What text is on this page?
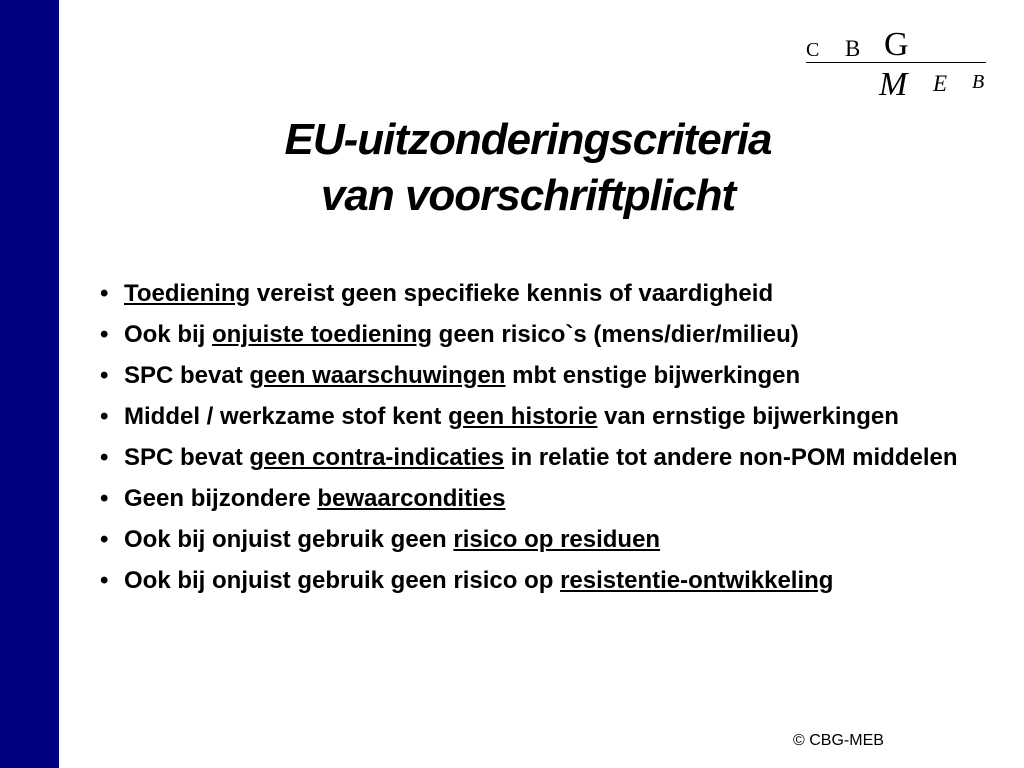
C B G
M E B
EU-uitzonderingscriteria
van voorschriftplicht
• Toediening vereist geen specifieke kennis of vaardigheid
• Ook bij onjuiste toediening geen risico`s (mens/dier/milieu)
• SPC bevat geen waarschuwingen mbt enstige bijwerkingen
• Middel / werkzame stof kent geen historie van ernstige bijwerkingen
• SPC bevat geen contra-indicaties in relatie tot andere non-POM middelen
• Geen bijzondere bewaarcondities
• Ook bij onjuist gebruik geen risico op residuen
• Ook bij onjuist gebruik geen risico op resistentie-ontwikkeling
© CBG-MEB
